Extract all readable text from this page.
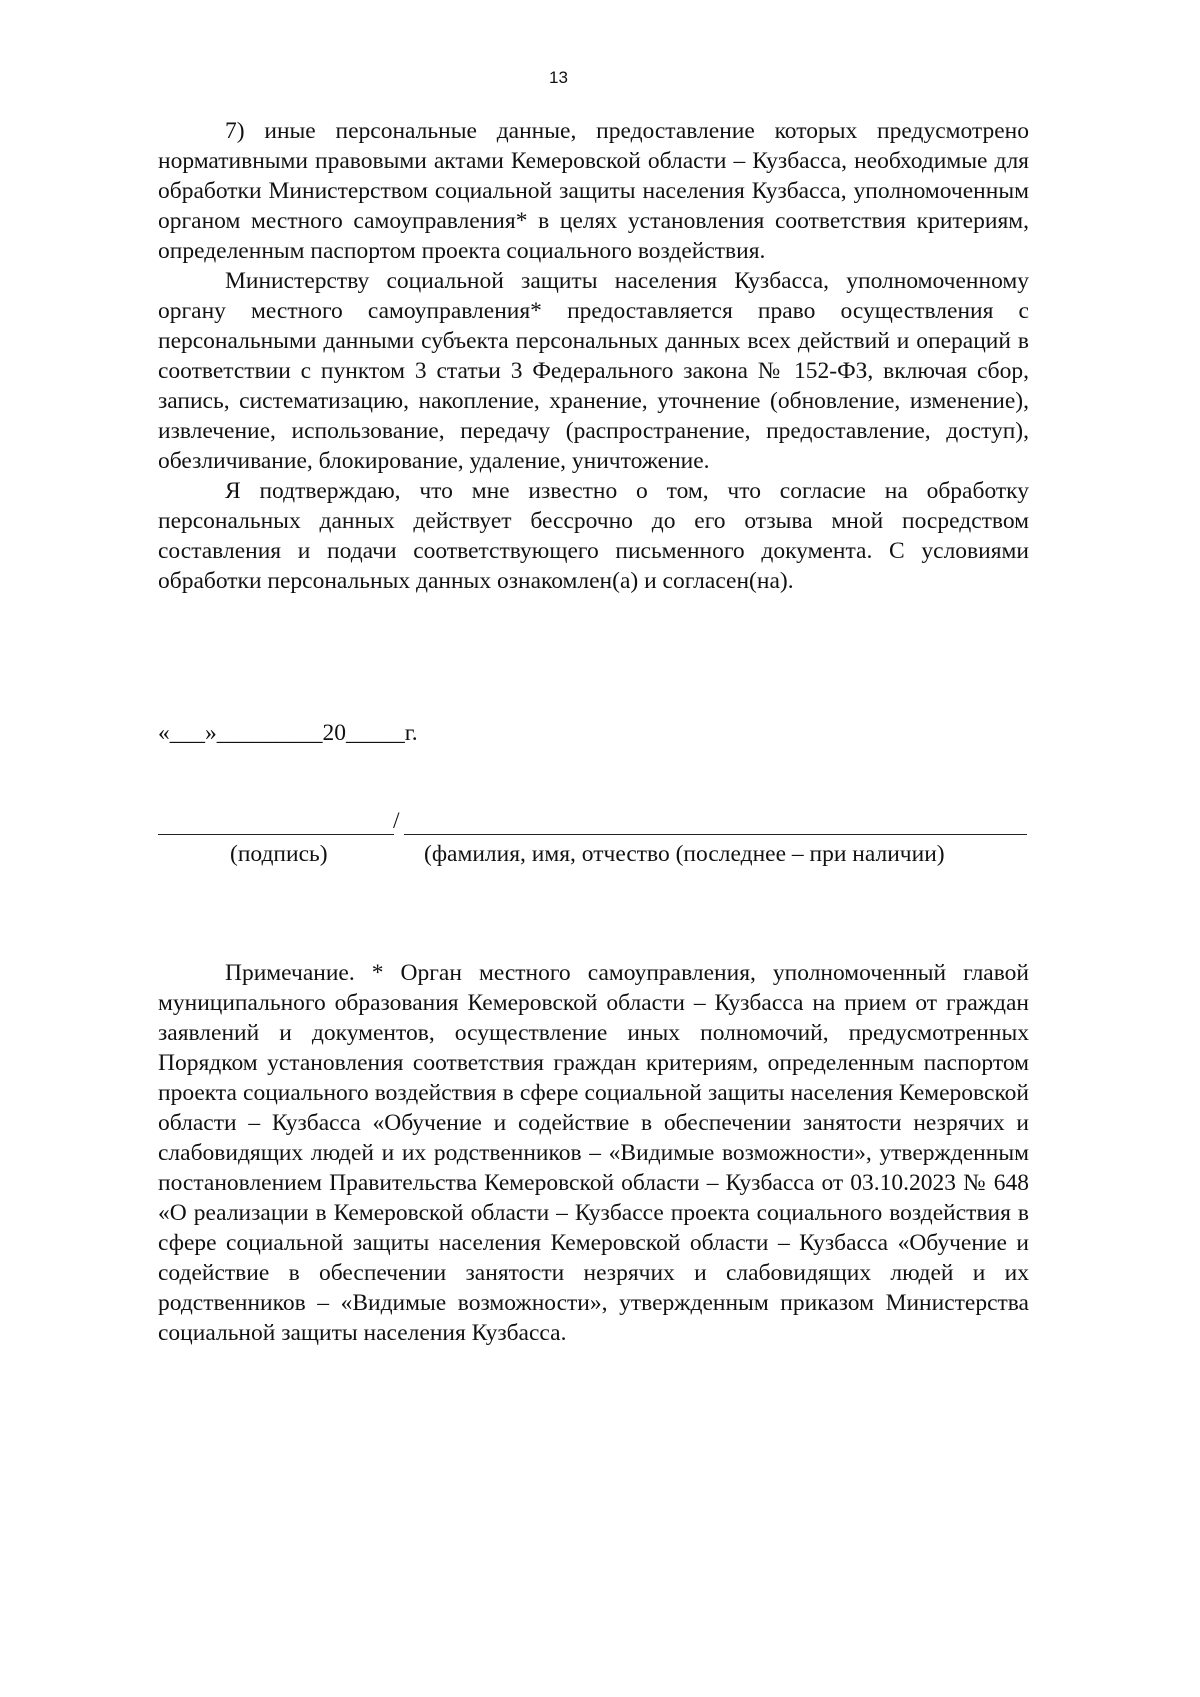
13

7) иные персональные данные, предоставление которых предусмотрено нормативными правовыми актами Кемеровской области – Кузбасса, необходимые для обработки Министерством социальной защиты населения Кузбасса, уполномоченным органом местного самоуправления* в целях установления соответствия критериям, определенным паспортом проекта социального воздействия.

Министерству социальной защиты населения Кузбасса, уполномоченному органу местного самоуправления* предоставляется право осуществления с персональными данными субъекта персональных данных всех действий и операций в соответствии с пунктом 3 статьи 3 Федерального закона № 152-ФЗ, включая сбор, запись, систематизацию, накопление, хранение, уточнение (обновление, изменение), извлечение, использование, передачу (распространение, предоставление, доступ), обезличивание, блокирование, удаление, уничтожение.

Я подтверждаю, что мне известно о том, что согласие на обработку персональных данных действует бессрочно до его отзыва мной посредством составления и подачи соответствующего письменного документа. С условиями обработки персональных данных ознакомлен(а) и согласен(на).

«___»_________20_____г.
/
(подпись)	(фамилия, имя, отчество (последнее – при наличии)

Примечание. * Орган местного самоуправления, уполномоченный главой муниципального образования Кемеровской области – Кузбасса на прием от граждан заявлений и документов, осуществление иных полномочий, предусмотренных Порядком установления соответствия граждан критериям, определенным паспортом проекта социального воздействия в сфере социальной защиты населения Кемеровской области – Кузбасса «Обучение и содействие в обеспечении занятости незрячих и слабовидящих людей и их родственников – «Видимые возможности», утвержденным постановлением Правительства Кемеровской области – Кузбасса от 03.10.2023 № 648 «О реализации в Кемеровской области – Кузбассе проекта социального воздействия в сфере социальной защиты населения Кемеровской области – Кузбасса «Обучение и содействие в обеспечении занятости незрячих и слабовидящих людей и их родственников – «Видимые возможности», утвержденным приказом Министерства социальной защиты населения Кузбасса.
